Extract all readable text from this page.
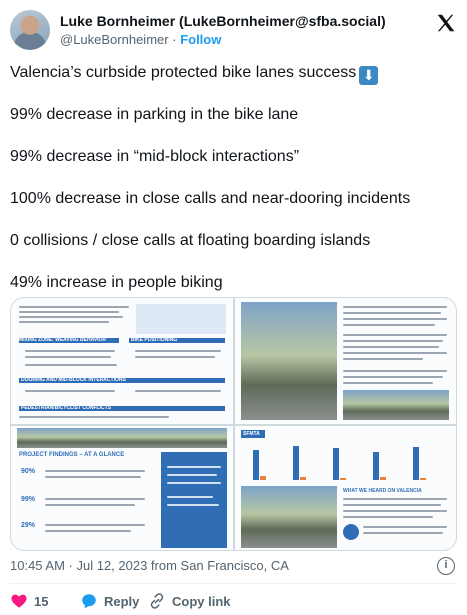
Luke Bornheimer (LukeBornheimer@sfba.social)
@LukeBornheimer · Follow

Valencia’s curbside protected bike lanes success ⬇

99% decrease in parking in the bike lane

99% decrease in “mid-block interactions”

100% decrease in close calls and near-dooring incidents

0 collisions / close calls at floating boarding islands

49% increase in people biking

MIXING ZONE: WEAVING BEHAVIOR	BIKE POSITIONING
DOORING AND MID-BLOCK INTERACTIONS
PEDESTRIAN/BICYCLIST CONFLICTS
PROJECT FINDINGS – AT A GLANCE
90%
99%
29%
SFMTA
WHAT WE HEARD ON VALENCIA
10:45 AM · Jul 12, 2023 from San Francisco, CA	i
15	Reply	Copy link
